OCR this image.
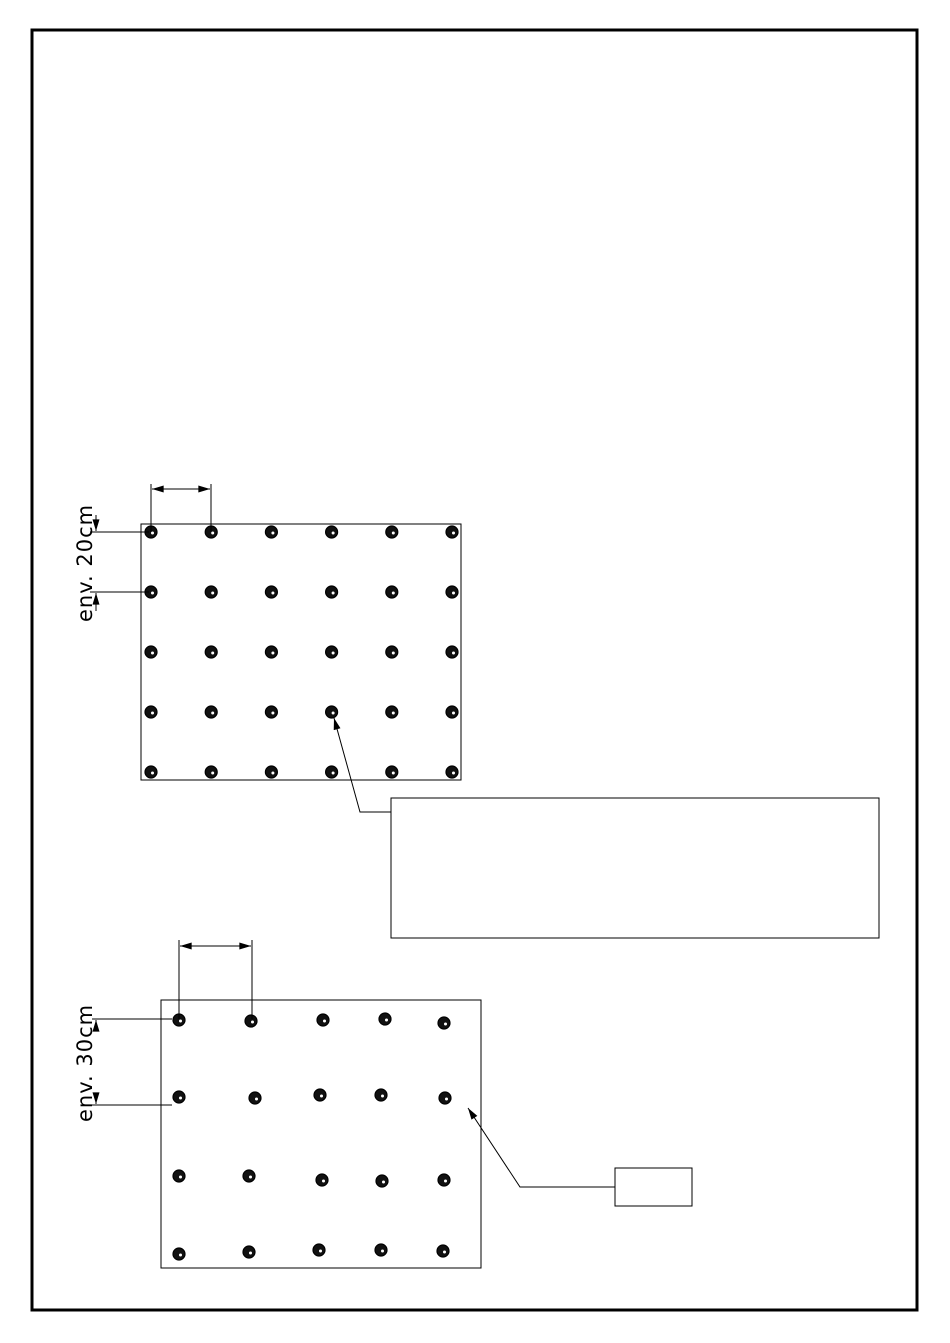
env. 20cm
env. 30cm
